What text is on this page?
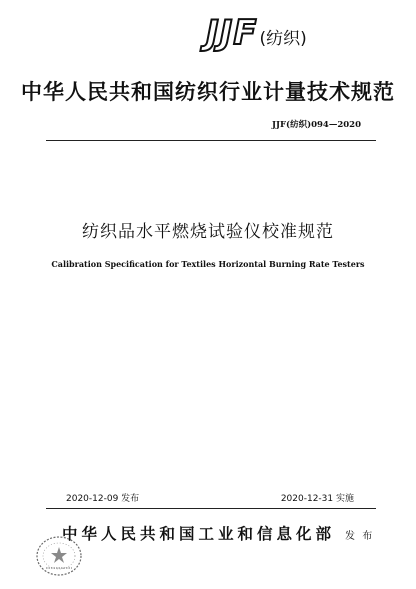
JJF (纺织)
中华人民共和国纺织行业计量技术规范
JJF(纺织)094—2020
纺织品水平燃烧试验仪校准规范
Calibration Specification for Textiles Horizontal Burning Rate Testers
2020-12-09 发布	2020-12-31 实施
中华人民共和国工业和信息化部 发 布
